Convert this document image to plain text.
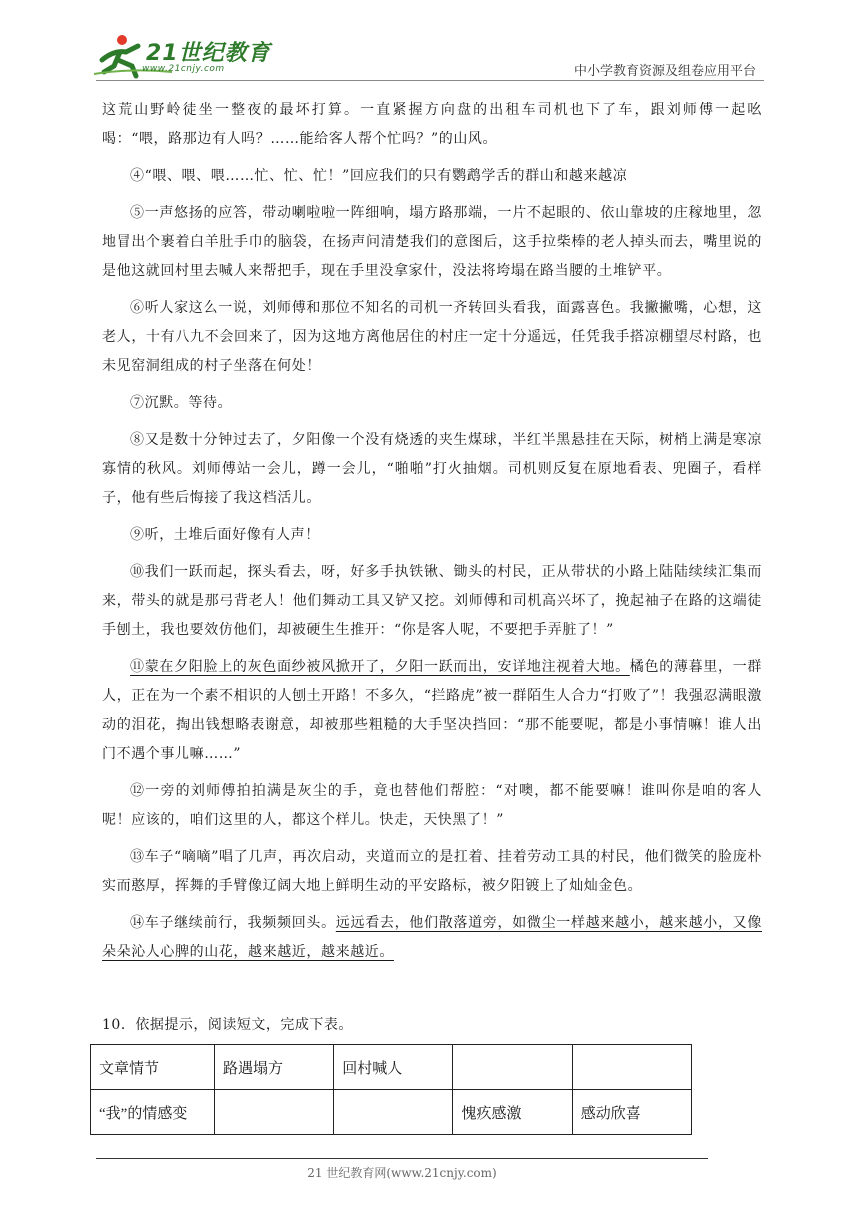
21世纪教育
www.21cnjy.com	中小学教育资源及组卷应用平台

这荒山野岭徒坐一整夜的最坏打算。一直紧握方向盘的出租车司机也下了车，跟刘师傅一起吆喝：“喂，路那边有人吗？……能给客人帮个忙吗？”的山风。

④“喂、喂、喂……忙、忙、忙！”回应我们的只有鹦鹉学舌的群山和越来越凉

⑤一声悠扬的应答，带动喇啦啦一阵细响，塌方路那端，一片不起眼的、依山靠坡的庄稼地里，忽地冒出个裹着白羊肚手巾的脑袋，在扬声问清楚我们的意图后，这手拉柴棒的老人掉头而去，嘴里说的是他这就回村里去喊人来帮把手，现在手里没拿家什，没法将垮塌在路当腰的土堆铲平。

⑥听人家这么一说，刘师傅和那位不知名的司机一齐转回头看我，面露喜色。我撇撇嘴，心想，这老人，十有八九不会回来了，因为这地方离他居住的村庄一定十分遥远，任凭我手搭凉棚望尽村路，也未见窑洞组成的村子坐落在何处！

⑦沉默。等待。

⑧又是数十分钟过去了，夕阳像一个没有烧透的夹生煤球，半红半黑悬挂在天际，树梢上满是寒凉寡情的秋风。刘师傅站一会儿，蹲一会儿，“啪啪”打火抽烟。司机则反复在原地看表、兜圈子，看样子，他有些后悔接了我这档活儿。

⑨听，土堆后面好像有人声！

⑩我们一跃而起，探头看去，呀，好多手执铁锹、锄头的村民，正从带状的小路上陆陆续续汇集而来，带头的就是那弓背老人！他们舞动工具又铲又挖。刘师傅和司机高兴坏了，挽起袖子在路的这端徒手刨土，我也要效仿他们，却被硬生生推开：“你是客人呢，不要把手弄脏了！”

⑪蒙在夕阳脸上的灰色面纱被风掀开了，夕阳一跃而出，安详地注视着大地。橘色的薄暮里，一群人，正在为一个素不相识的人刨土开路！不多久，“拦路虎”被一群陌生人合力“打败了”！我强忍满眼激动的泪花，掏出钱想略表谢意，却被那些粗糙的大手坚决挡回：“那不能要呢，都是小事情嘛！谁人出门不遇个事儿嘛……”

⑫一旁的刘师傅拍拍满是灰尘的手，竟也替他们帮腔：“对噢，都不能要嘛！谁叫你是咱的客人呢！应该的，咱们这里的人，都这个样儿。快走，天快黑了！”

⑬车子“嘀嘀”唱了几声，再次启动，夹道而立的是扛着、挂着劳动工具的村民，他们微笑的脸庞朴实而憨厚，挥舞的手臂像辽阔大地上鲜明生动的平安路标，被夕阳镀上了灿灿金色。

⑭车子继续前行，我频频回头。远远看去，他们散落道旁，如微尘一样越来越小，越来越小，又像朵朵沁人心脾的山花，越来越近，越来越近。

10．依据提示，阅读短文，完成下表。
文章情节	路遇塌方	回村喊人		
“我”的情感变			愧疚感激	感动欣喜
21 世纪教育网(www.21cnjy.com)
